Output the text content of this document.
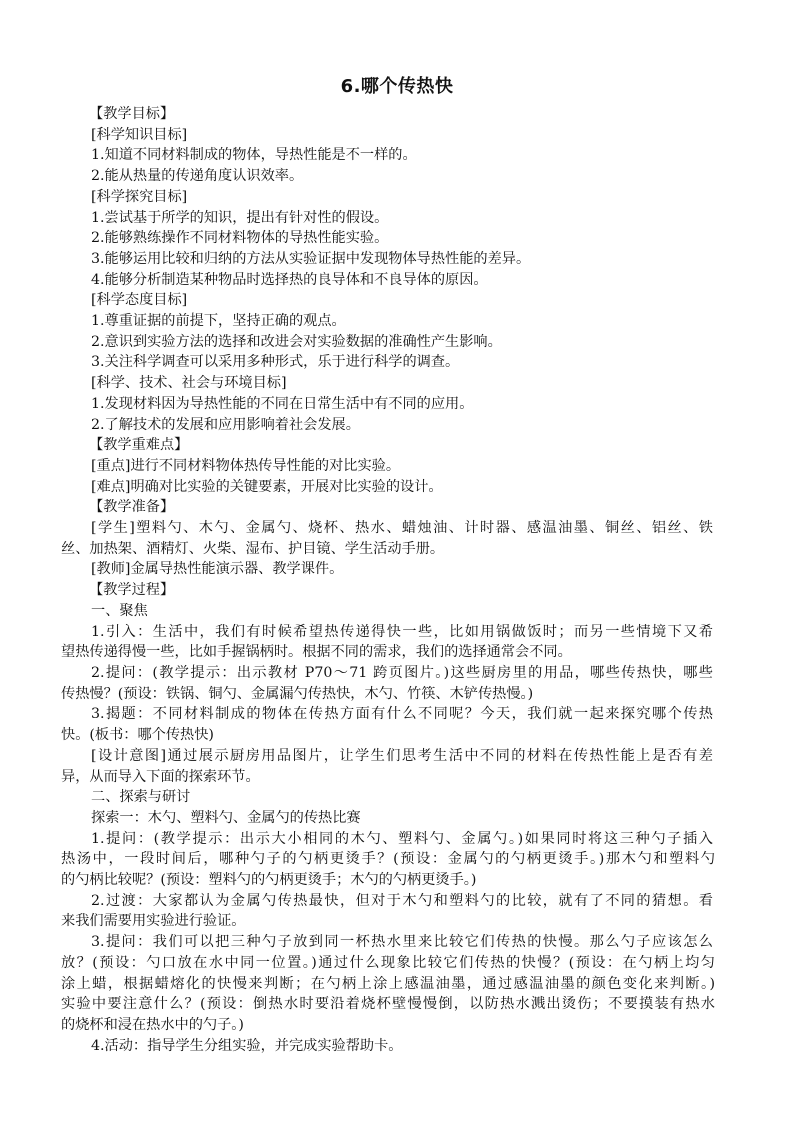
6.哪个传热快
【教学目标】
[科学知识目标]
1.知道不同材料制成的物体，导热性能是不一样的。
2.能从热量的传递角度认识效率。
[科学探究目标]
1.尝试基于所学的知识，提出有针对性的假设。
2.能够熟练操作不同材料物体的导热性能实验。
3.能够运用比较和归纳的方法从实验证据中发现物体导热性能的差异。
4.能够分析制造某种物品时选择热的良导体和不良导体的原因。
[科学态度目标]
1.尊重证据的前提下，坚持正确的观点。
2.意识到实验方法的选择和改进会对实验数据的准确性产生影响。
3.关注科学调查可以采用多种形式，乐于进行科学的调查。
[科学、技术、社会与环境目标]
1.发现材料因为导热性能的不同在日常生活中有不同的应用。
2.了解技术的发展和应用影响着社会发展。
【教学重难点】
[重点]进行不同材料物体热传导性能的对比实验。
[难点]明确对比实验的关键要素，开展对比实验的设计。
【教学准备】
[学生]塑料勺、木勺、金属勺、烧杯、热水、蜡烛油、计时器、感温油墨、铜丝、铝丝、铁
丝、加热架、酒精灯、火柴、湿布、护目镜、学生活动手册。
[教师]金属导热性能演示器、教学课件。
【教学过程】
一、聚焦
1.引入：生活中，我们有时候希望热传递得快一些，比如用锅做饭时；而另一些情境下又希
望热传递得慢一些，比如手握锅柄时。根据不同的需求，我们的选择通常会不同。
2.提问：(教学提示：出示教材 P70～71 跨页图片。)这些厨房里的用品，哪些传热快，哪些
传热慢？(预设：铁锅、铜勺、金属漏勺传热快，木勺、竹筷、木铲传热慢。)
3.揭题：不同材料制成的物体在传热方面有什么不同呢？今天，我们就一起来探究哪个传热
快。(板书：哪个传热快)
[设计意图]通过展示厨房用品图片，让学生们思考生活中不同的材料在传热性能上是否有差
异，从而导入下面的探索环节。
二、探索与研讨
探索一：木勺、塑料勺、金属勺的传热比赛
1.提问：(教学提示：出示大小相同的木勺、塑料勺、金属勺。)如果同时将这三种勺子插入
热汤中，一段时间后，哪种勺子的勺柄更烫手？(预设：金属勺的勺柄更烫手。)那木勺和塑料勺
的勺柄比较呢？(预设：塑料勺的勺柄更烫手；木勺的勺柄更烫手。)
2.过渡：大家都认为金属勺传热最快，但对于木勺和塑料勺的比较，就有了不同的猜想。看
来我们需要用实验进行验证。
3.提问：我们可以把三种勺子放到同一杯热水里来比较它们传热的快慢。那么勺子应该怎么
放？(预设：勺口放在水中同一位置。)通过什么现象比较它们传热的快慢？(预设：在勺柄上均匀
涂上蜡，根据蜡熔化的快慢来判断；在勺柄上涂上感温油墨，通过感温油墨的颜色变化来判断。)
实验中要注意什么？(预设：倒热水时要沿着烧杯壁慢慢倒，以防热水溅出烫伤；不要摸装有热水
的烧杯和浸在热水中的勺子。)
4.活动：指导学生分组实验，并完成实验帮助卡。
